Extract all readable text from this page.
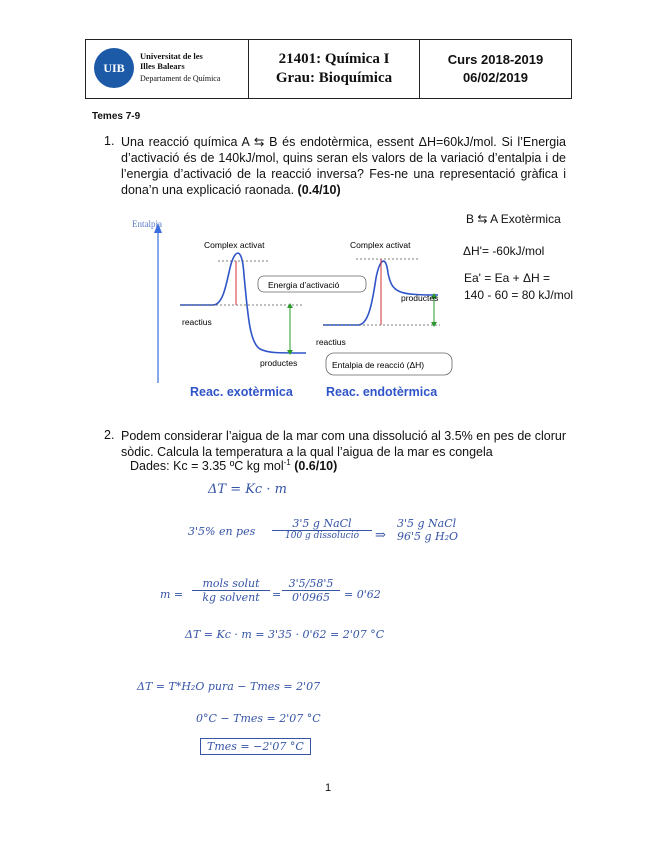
UIB
Universitat de les
Illes Balears
Departament de Química
21401: Química I
Grau: Bioquímica
Curs 2018-2019
06/02/2019
Temes 7-9
1. Una reacció química A ⇆ B és endotèrmica, essent ΔH=60kJ/mol. Si l’Energia d’activació és de 140kJ/mol, quins seran els valors de la variació d’entalpia i de l’energia d’activació de la reacció inversa? Fes-ne una representació gràfica i dona’n una explicació raonada. (0.4/10)
Entalpia
Complex activat	Complex activat
Energia d’activació
reactius
productes
productes
reactius
Entalpia de reacció (ΔH)
Reac. exotèrmica	Reac. endotèrmica
B ⇆ A Exotèrmica
ΔH'= -60kJ/mol
Ea' = Ea + ΔH =
140 - 60 = 80 kJ/mol
2. Podem considerar l’aigua de la mar com una dissolució al 3.5% en pes de clorur sòdic. Calcula la temperatura a la qual l’aigua de la mar es congela
Dades: Kc = 3.35 ºC kg mol$^{-1}$ (0.6/10)
ΔT = Kc · m
3'5% en pes
3'5 g NaCl
100 g dissolució	⇒
3'5 g NaCl
96'5 g H₂O
m =
mols solut
kg solvent	= $\frac{3'5/58'5}{0'0965} = 0'62$
ΔT = Kc · m = 3'35 · 0'62 = 2'07 °C
ΔT = T*H₂O pura − Tmes = 2'07
0°C − Tmes = 2'07 °C
Tmes = −2'07 °C
1
